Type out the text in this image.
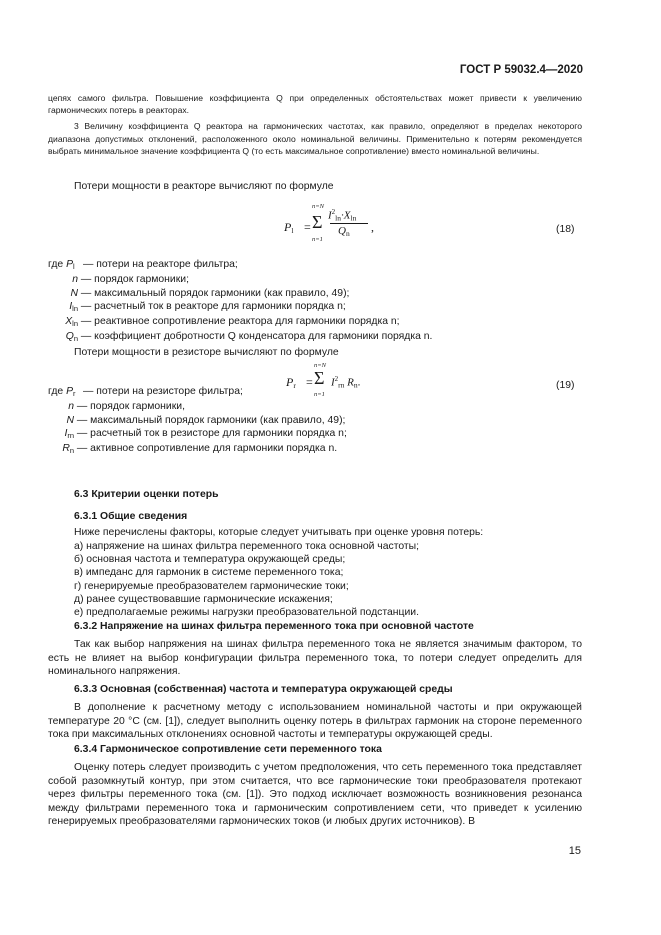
ГОСТ Р 59032.4—2020

цепях самого фильтра. Повышение коэффициента Q при определенных обстоятельствах может привести к увеличению гармонических потерь в реакторах.

3 Величину коэффициента Q реактора на гармонических частотах, как правило, определяют в пределах некоторого диапазона допустимых отклонений, расположенного около номинальной величины. Применительно к потерям рекомендуется выбрать минимальное значение коэффициента Q (то есть максимальное сопротивление) вместо номинальной величины.

Потери мощности в реакторе вычисляют по формуле

$P_l$ =
n=N
Σ
n=1
$I^2_{ln}\cdot X_{ln}$
$Q_n$ ,	(18)
где $P_l$ — потери на реакторе фильтра;
n — порядок гармоники;
N — максимальный порядок гармоники (как правило, 49);
$I_{ln}$ — расчетный ток в реакторе для гармоники порядка n;
$X_{ln}$ — реактивное сопротивление реактора для гармоники порядка n;
$Q_n$ — коэффициент добротности Q конденсатора для гармоники порядка n.

Потери мощности в резисторе вычисляют по формуле

$P_r$ =
n=N
Σ
n=1
$I^2_{rn}$ $R_n$.	(19)
где $P_r$ — потери на резисторе фильтра;
n — порядок гармоники,
N — максимальный порядок гармоники (как правило, 49);
$I_{rn}$ — расчетный ток в резисторе для гармоники порядка n;
$R_n$ — активное сопротивление для гармоники порядка n.

6.3 Критерии оценки потерь

6.3.1 Общие сведения

Ниже перечислены факторы, которые следует учитывать при оценке уровня потерь:

а) напряжение на шинах фильтра переменного тока основной частоты;
б) основная частота и температура окружающей среды;
в) импеданс для гармоник в системе переменного тока;
г) генерируемые преобразователем гармонические токи;
д) ранее существовавшие гармонические искажения;
е) предполагаемые режимы нагрузки преобразовательной подстанции.

6.3.2 Напряжение на шинах фильтра переменного тока при основной частоте

Так как выбор напряжения на шинах фильтра переменного тока не является значимым фактором, то есть не влияет на выбор конфигурации фильтра переменного тока, то потери следует определить для номинального напряжения.

6.3.3 Основная (собственная) частота и температура окружающей среды

В дополнение к расчетному методу с использованием номинальной частоты и при окружающей температуре 20 °С (см. [1]), следует выполнить оценку потерь в фильтрах гармоник на стороне переменного тока при максимальных отклонениях основной частоты и температуры окружающей среды.

6.3.4 Гармоническое сопротивление сети переменного тока

Оценку потерь следует производить с учетом предположения, что сеть переменного тока представляет собой разомкнутый контур, при этом считается, что все гармонические токи преобразователя протекают через фильтры переменного тока (см. [1]). Это подход исключает возможность возникновения резонанса между фильтрами переменного тока и гармоническим сопротивлением сети, что приведет к усилению генерируемых преобразователями гармонических токов (и любых других источников). В

15
